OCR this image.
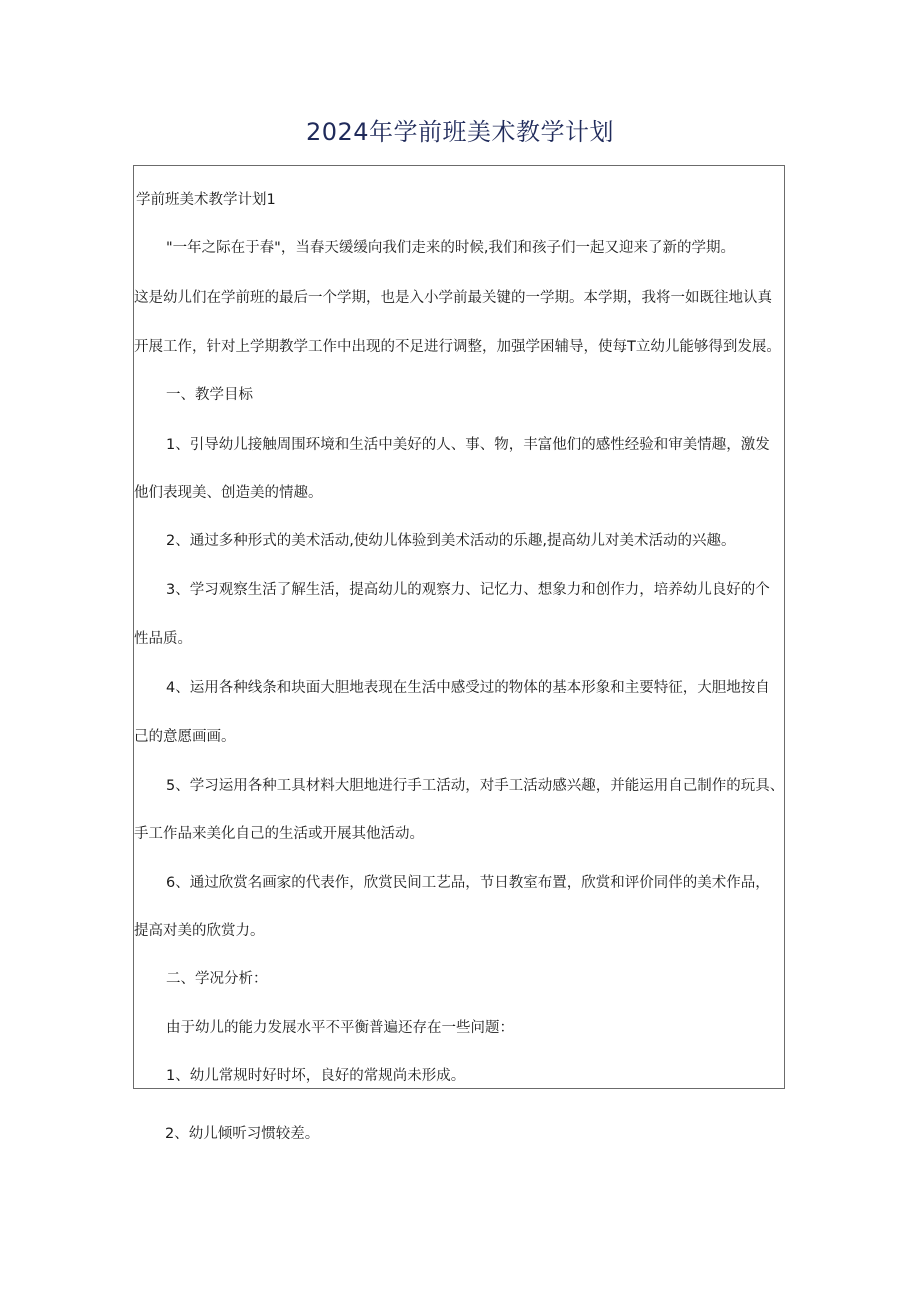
2024年学前班美术教学计划
学前班美术教学计划1
"一年之际在于春"，当春天缓缓向我们走来的时候,我们和孩子们一起又迎来了新的学期。
这是幼儿们在学前班的最后一个学期，也是入小学前最关键的一学期。本学期，我将一如既往地认真
开展工作，针对上学期教学工作中出现的不足进行调整，加强学困辅导，使每T立幼儿能够得到发展。
一、教学目标
1、引导幼儿接触周围环境和生活中美好的人、事、物，丰富他们的感性经验和审美情趣，激发
他们表现美、创造美的情趣。
2、通过多种形式的美术活动,使幼儿体验到美术活动的乐趣,提高幼儿对美术活动的兴趣。
3、学习观察生活了解生活，提高幼儿的观察力、记忆力、想象力和创作力，培养幼儿良好的个
性品质。
4、运用各种线条和块面大胆地表现在生活中感受过的物体的基本形象和主要特征，大胆地按自
己的意愿画画。
5、学习运用各种工具材料大胆地进行手工活动，对手工活动感兴趣，并能运用自己制作的玩具、
手工作品来美化自己的生活或开展其他活动。
6、通过欣赏名画家的代表作，欣赏民间工艺品，节日教室布置，欣赏和评价同伴的美术作品，
提高对美的欣赏力。
二、学况分析：
由于幼儿的能力发展水平不平衡普遍还存在一些问题：
1、幼儿常规时好时坏，良好的常规尚未形成。
2、幼儿倾听习惯较差。
